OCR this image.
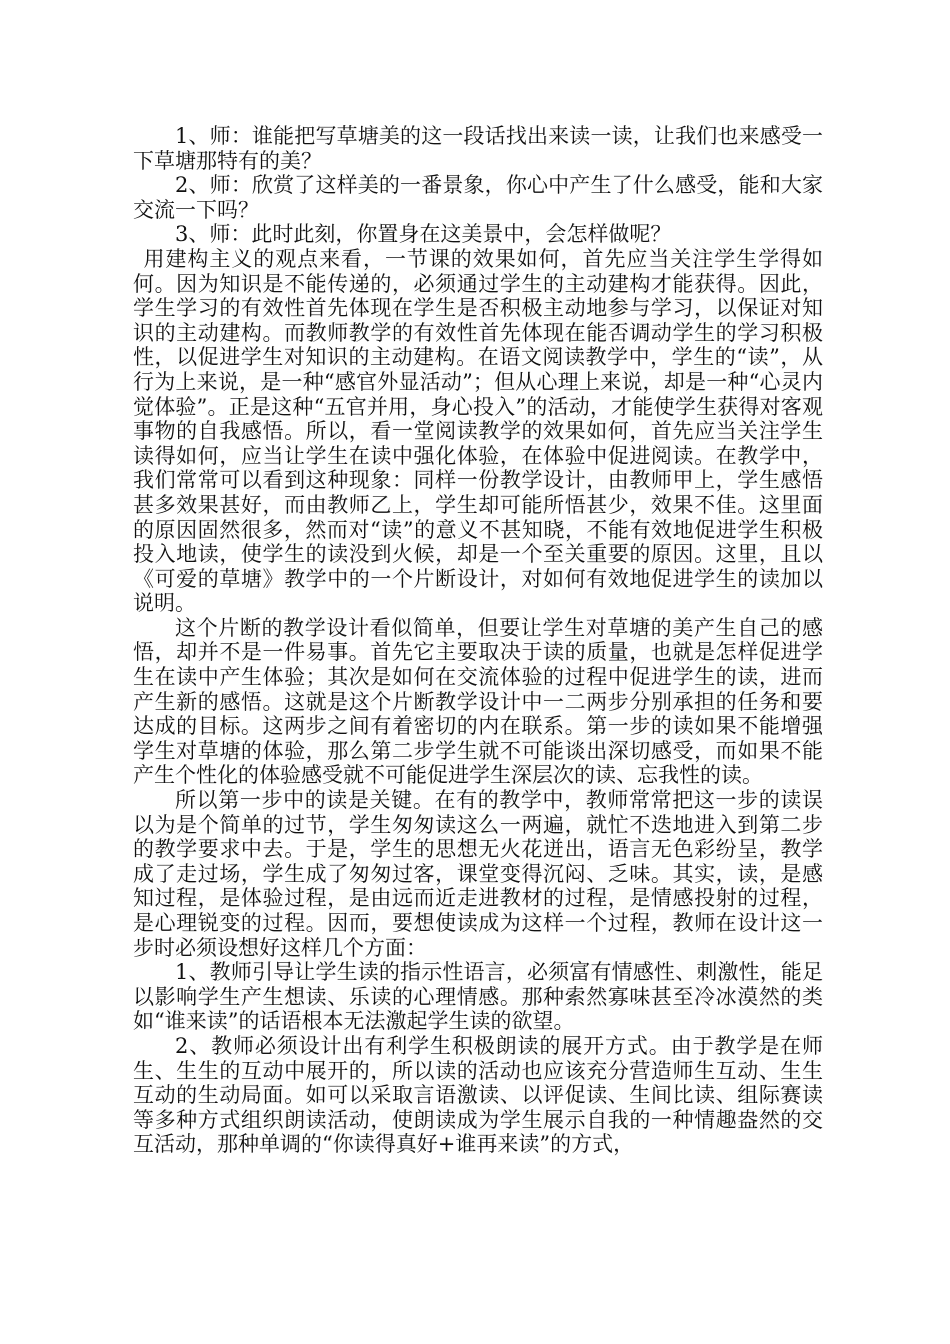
1、师：谁能把写草塘美的这一段话找出来读一读，让我们也来感受一下草塘那特有的美？

2、师：欣赏了这样美的一番景象，你心中产生了什么感受，能和大家交流一下吗？

3、师：此时此刻，你置身在这美景中，会怎样做呢？

用建构主义的观点来看，一节课的效果如何，首先应当关注学生学得如何。因为知识是不能传递的，必须通过学生的主动建构才能获得。因此，学生学习的有效性首先体现在学生是否积极主动地参与学习，以保证对知识的主动建构。而教师教学的有效性首先体现在能否调动学生的学习积极性，以促进学生对知识的主动建构。在语文阅读教学中，学生的“读”，从行为上来说，是一种“感官外显活动”；但从心理上来说，却是一种“心灵内觉体验”。正是这种“五官并用，身心投入”的活动，才能使学生获得对客观事物的自我感悟。所以，看一堂阅读教学的效果如何，首先应当关注学生读得如何，应当让学生在读中强化体验，在体验中促进阅读。在教学中，我们常常可以看到这种现象：同样一份教学设计，由教师甲上，学生感悟甚多效果甚好，而由教师乙上，学生却可能所悟甚少，效果不佳。这里面的原因固然很多，然而对“读”的意义不甚知晓，不能有效地促进学生积极投入地读，使学生的读没到火候，却是一个至关重要的原因。这里，且以《可爱的草塘》教学中的一个片断设计，对如何有效地促进学生的读加以说明。

这个片断的教学设计看似简单，但要让学生对草塘的美产生自己的感悟，却并不是一件易事。首先它主要取决于读的质量，也就是怎样促进学生在读中产生体验；其次是如何在交流体验的过程中促进学生的读，进而产生新的感悟。这就是这个片断教学设计中一二两步分别承担的任务和要达成的目标。这两步之间有着密切的内在联系。第一步的读如果不能增强学生对草塘的体验，那么第二步学生就不可能谈出深切感受，而如果不能产生个性化的体验感受就不可能促进学生深层次的读、忘我性的读。

所以第一步中的读是关键。在有的教学中，教师常常把这一步的读误以为是个简单的过节，学生匆匆读这么一两遍，就忙不迭地进入到第二步的教学要求中去。于是，学生的思想无火花迸出，语言无色彩纷呈，教学成了走过场，学生成了匆匆过客，课堂变得沉闷、乏味。其实，读，是感知过程，是体验过程，是由远而近走进教材的过程，是情感投射的过程，是心理锐变的过程。因而，要想使读成为这样一个过程，教师在设计这一步时必须设想好这样几个方面：

1、教师引导让学生读的指示性语言，必须富有情感性、刺激性，能足以影响学生产生想读、乐读的心理情感。那种索然寡味甚至冷冰漠然的类如“谁来读”的话语根本无法激起学生读的欲望。

2、教师必须设计出有利学生积极朗读的展开方式。由于教学是在师生、生生的互动中展开的，所以读的活动也应该充分营造师生互动、生生互动的生动局面。如可以采取言语激读、以评促读、生间比读、组际赛读等多种方式组织朗读活动，使朗读成为学生展示自我的一种情趣盎然的交互活动，那种单调的“你读得真好+谁再来读”的方式，
